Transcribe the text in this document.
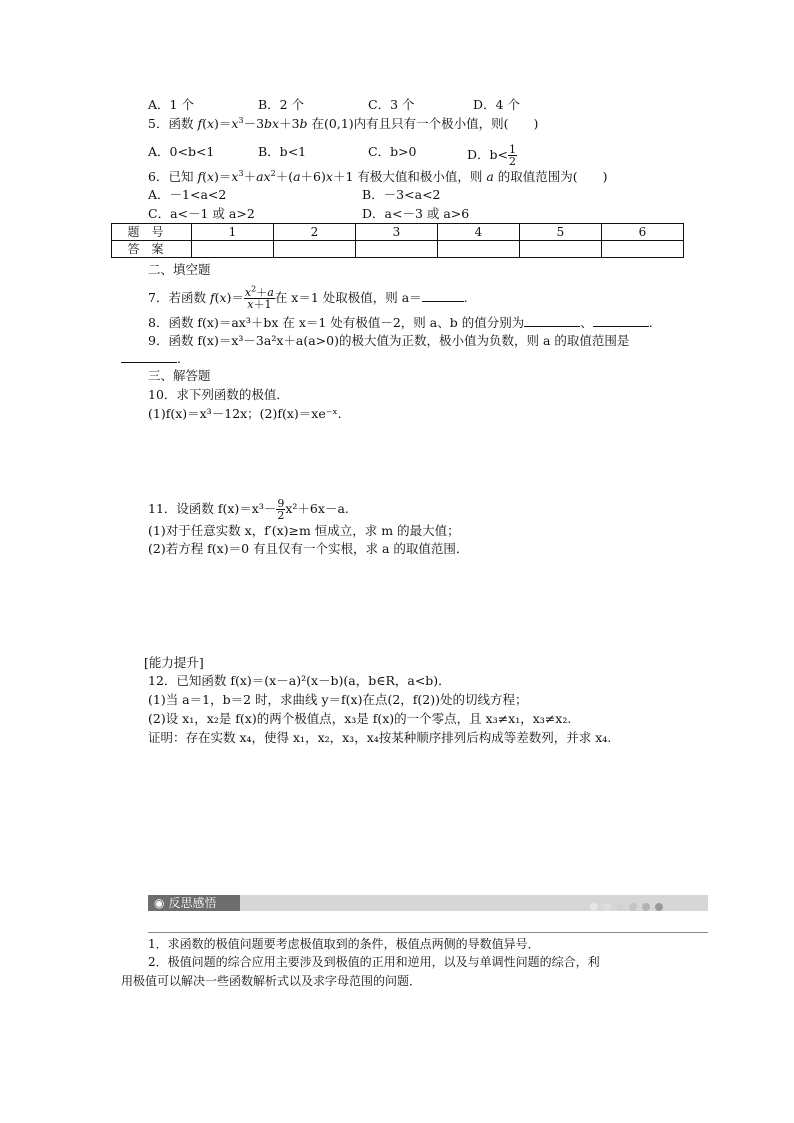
A．1 个	B．2 个	C．3 个	D．4 个
5．函数 $f(x)=x^3-3bx+3b$ 在(0,1)内有且只有一个极小值，则(　　)
A．0<b<1	B．b<1	C．b>0	D．$b< \frac{1}{2}$
6．已知 $f(x)=x^3+ax^2+(a+6)x+1$ 有极大值和极小值，则 a 的取值范围为(　　)
A．－1<a<2	B．－3<a<2
C．a<－1 或 a>2	D．a<－3 或 a>6
题号	1	2	3	4	5	6
答案						
二、填空题
7．若函数 $f(x)= \frac{x^2+a}{x+1}$ 在 x＝1 处取极值，则 a＝	.
8．函数 f(x)＝ax³＋bx 在 x＝1 处有极值－2，则 a、b 的值分别为	、	.
9．函数 f(x)＝x³－3a²x＋a(a>0)的极大值为正数，极小值为负数，则 a 的取值范围是
.
三、解答题
10．求下列函数的极值．
(1)f(x)＝x³－12x；(2)f(x)＝xe⁻ˣ.
11．设函数 $f(x)=x^3- \frac{9}{2} x^2+6x-a$.
(1)对于任意实数 x，f′(x)≥m 恒成立，求 m 的最大值；
(2)若方程 f(x)＝0 有且仅有一个实根，求 a 的取值范围．
[能力提升]
12．已知函数 f(x)＝(x－a)²(x－b)(a，b∈R，a<b)．
(1)当 a＝1，b＝2 时，求曲线 y＝f(x)在点(2，f(2))处的切线方程；
(2)设 x₁，x₂是 f(x)的两个极值点，x₃是 f(x)的一个零点，且 x₃≠x₁，x₃≠x₂.
证明：存在实数 x₄，使得 x₁，x₂，x₃，x₄按某种顺序排列后构成等差数列，并求 x₄.
◉ 反思感悟
1．求函数的极值问题要考虑极值取到的条件，极值点两侧的导数值异号．
2．极值问题的综合应用主要涉及到极值的正用和逆用，以及与单调性问题的综合，利
用极值可以解决一些函数解析式以及求字母范围的问题．
